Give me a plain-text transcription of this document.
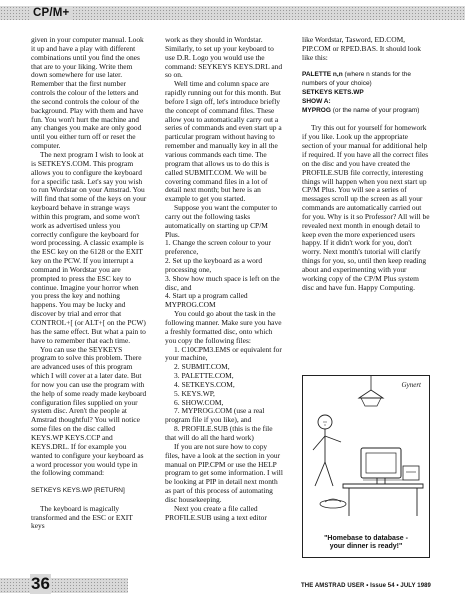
CP/M+

given in your computer manual. Look it up and have a play with different combinations until you find the ones that are to your liking. Write them down somewhere for use later. Remember that the first number controls the colour of the letters and the second controls the colour of the background. Play with them and have fun. You won't hurt the machine and any changes you make are only good until you either turn off or reset the computer.

The next program I wish to look at is SETKEYS.COM. This program allows you to configure the keyboard for a specific task. Let's say you wish to run Wordstar on your Amstrad. You will find that some of the keys on your keyboard behave in strange ways within this program, and some won't work as advertised unless you correctly configure the keyboard for word processing. A classic example is the ESC key on the 6128 or the EXIT key on the PCW. If you interrupt a command in Wordstar you are prompted to press the ESC key to continue. Imagine your horror when you press the key and nothing happens. You may be lucky and discover by trial and error that CONTROL+[ (or ALT+[ on the PCW) has the same effect. But what a pain to have to remember that each time.

You can use the SEYKEYS program to solve this problem. There are advanced uses of this program which I will cover at a later date. But for now you can use the program with the help of some ready made keyboard configuration files supplied on your system disc. Aren't the people at Amstrad thoughtful? You will notice some files on the disc called KEYS.WP KEYS.CCP and KEYS.DRL. If for example you wanted to configure your keyboard as a word processor you would type in the following command:

SETKEYS KEYS.WP [RETURN]

The keyboard is magically transformed and the ESC or EXIT keys

work as they should in Wordstar. Similarly, to set up your keyboard to use D.R. Logo you would use the command: SEYKEYS KEYS.DRL and so on.

Well time and column space are rapidly running out for this month. But before I sign off, let's introduce briefly the concept of command files. These allow you to automatically carry out a series of commands and even start up a particular program without having to remember and manually key in all the various commands each time. The program that allows us to do this is called SUBMIT.COM. We will be covering command files in a lot of detail next month; but here is an example to get you started.

Suppose you want the computer to carry out the following tasks automatically on starting up CP/M Plus.

1. Change the screen colour to your preference,

2. Set up the keyboard as a word processing one,

3. Show how much space is left on the disc, and

4. Start up a program called MYPROG.COM

You could go about the task in the following manner. Make sure you have a freshly formatted disc, onto which you copy the following files:

1. C10CPM3.EMS or equivalent for your machine,

2. SUBMIT.COM,

3. PALETTE.COM,

4. SETKEYS.COM,

5. KEYS.WP,

6. SHOW.COM,

7. MYPROG.COM (use a real program file if you like), and

8. PROFILE.SUB (this is the file that will do all the hard work)

If you are not sure how to copy files, have a look at the section in your manual on PIP.CPM or use the HELP program to get some information. I will be looking at PIP in detail next month as part of this process of automating disc housekeeping.

Next you create a file called PROFILE.SUB using a text editor

like Wordstar, Tasword, ED.COM, PIP.COM or RPED.BAS. It should look like this:

PALETTE n,n (where n stands for the numbers of your choice)

SETKEYS KETS.WP

SHOW A:

MYPROG (or the name of your program)

Try this out for yourself for homework if you like. Look up the appropriate section of your manual for additional help if required. If you have all the correct files on the disc and you have created the PROFILE.SUB file correctly, interesting things will happen when you next start up CP/M Plus. You will see a series of messages scroll up the screen as all your commands are automatically carried out for you. Why is it so Professor? All will be revealed next month in enough detail to keep even the more experienced users happy. If it didn't work for you, don't worry. Next month's tutorial will clarify things for you, so, until then keep reading about and experimenting with your working copy of the CP/M Plus system disc and have fun. Happy Computing.

Gynert
"Homebase to database -
your dinner is ready!"
36	THE AMSTRAD USER • Issue 54 • JULY 1989
